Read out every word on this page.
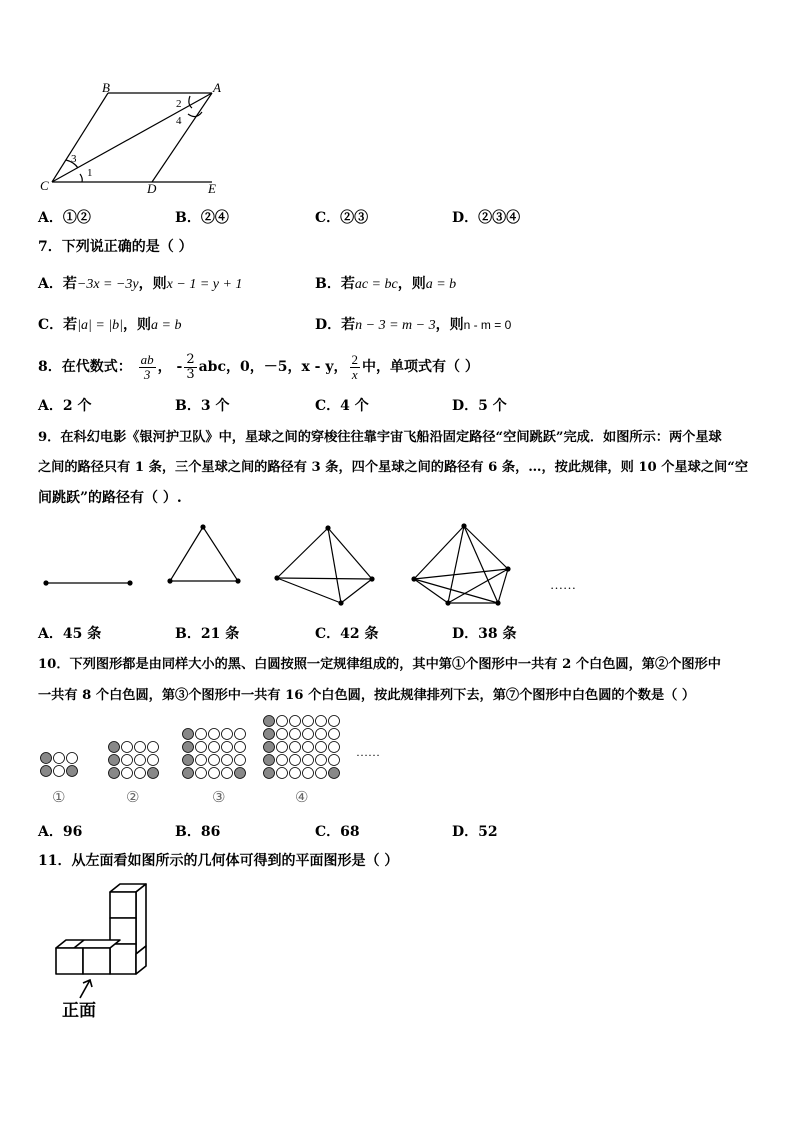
B	A
C	D	E
1
2
3
4
A．①②	B．②④	C．②③	D．②③④
7．下列说正确的是（ ）
A．若−3x = −3y，则x − 1 = y + 1	B．若ac = bc，则a = b
C．若|a| = |b|，则a = b	D．若n − 3 = m − 3，则n - m = 0
8．在代数式： $\frac{ab}{3}$ ， - $\frac{2}{3}$ abc，0，－5，x - y， $\frac{2}{x}$ 中，单项式有（ ）
A．2 个	B．3 个	C．4 个	D．5 个
9．在科幻电影《银河护卫队》中，星球之间的穿梭往往靠宇宙飞船沿固定路径“空间跳跃”完成．如图所示：两个星球
之间的路径只有 1 条，三个星球之间的路径有 3 条，四个星球之间的路径有 6 条，…，按此规律，则 10 个星球之间“空
间跳跃”的路径有（ ）.
……
A．45 条	B．21 条	C．42 条	D．38 条
10．下列图形都是由同样大小的黑、白圆按照一定规律组成的，其中第①个图形中一共有 2 个白色圆，第②个图形中
一共有 8 个白色圆，第③个图形中一共有 16 个白色圆，按此规律排列下去，第⑦个图形中白色圆的个数是（ ）
……
①	②	③	④
A．96	B．86	C．68	D．52
11．从左面看如图所示的几何体可得到的平面图形是（ ）
正面
